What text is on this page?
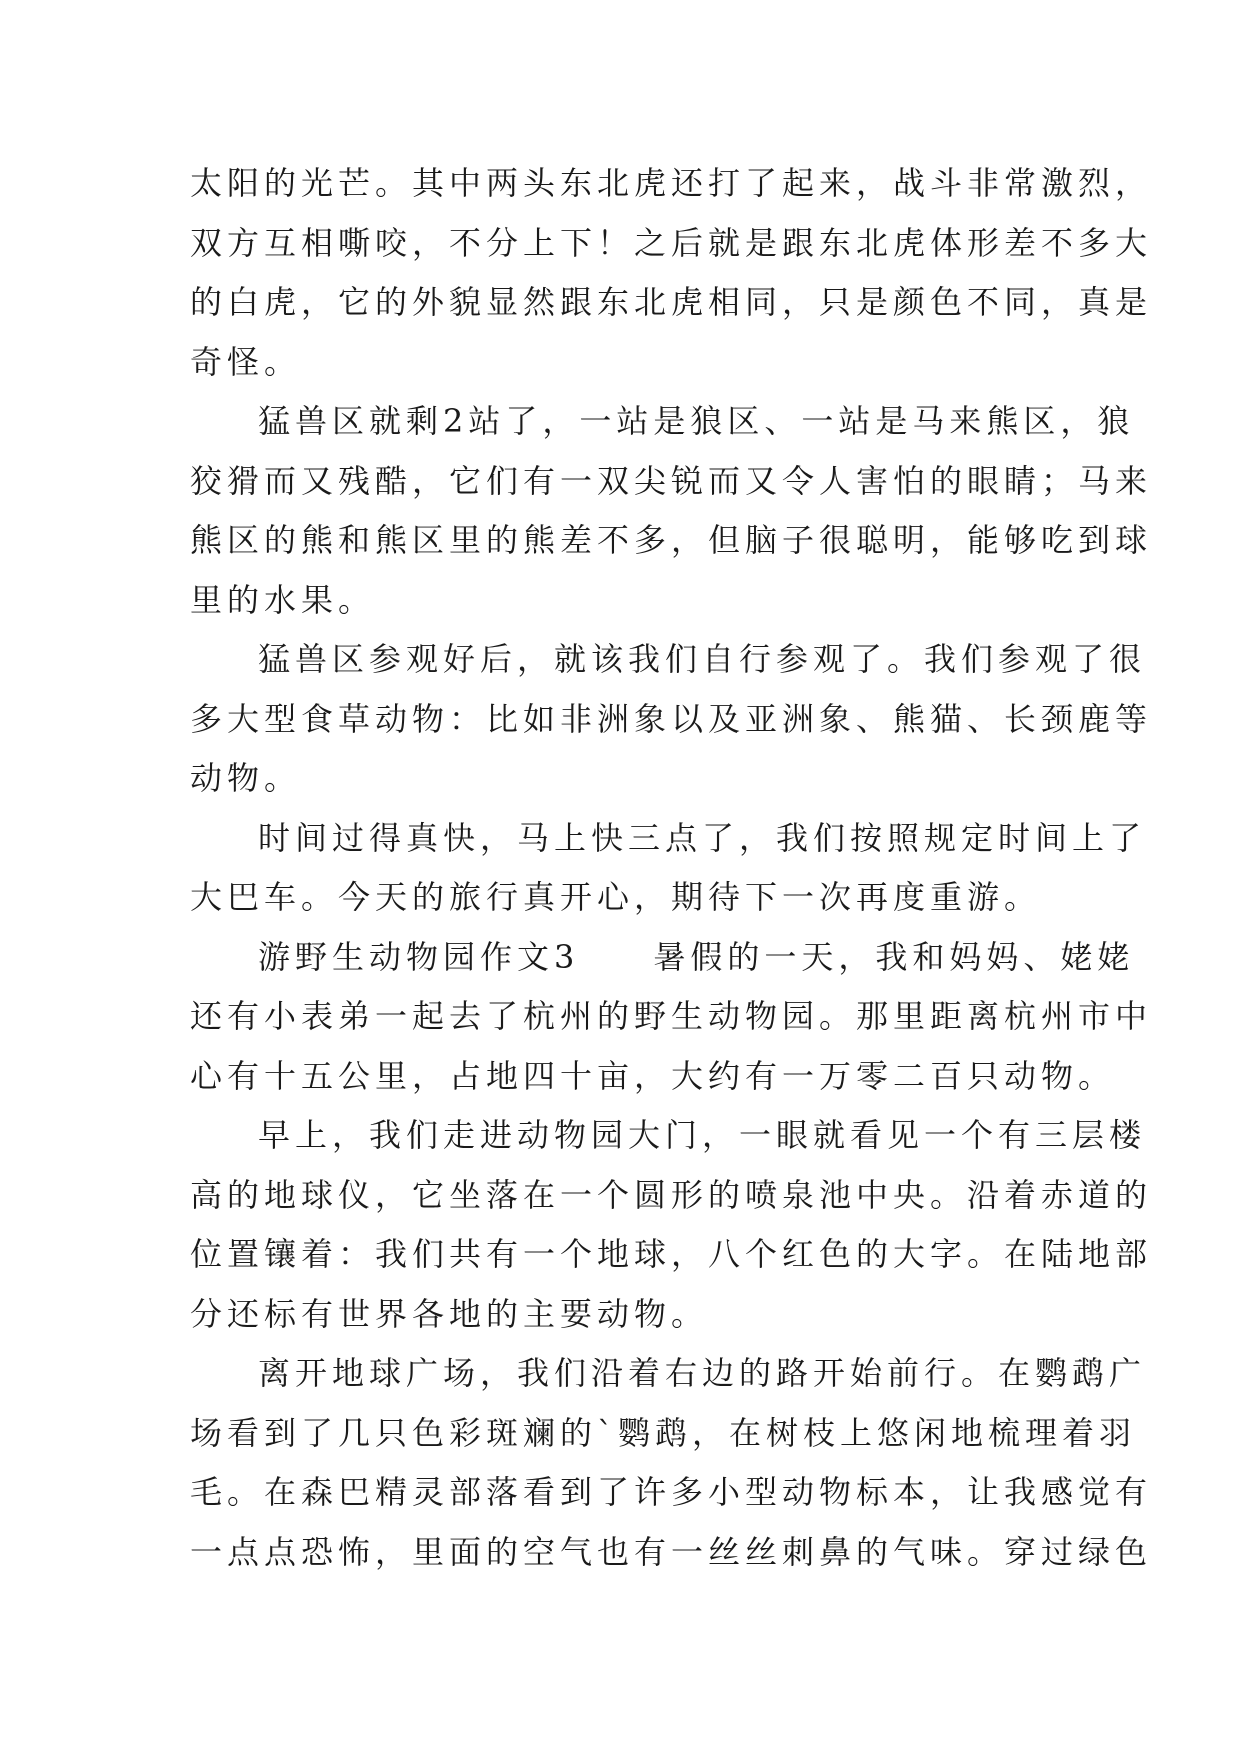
太阳的光芒。其中两头东北虎还打了起来，战斗非常激烈，
双方互相嘶咬，不分上下！之后就是跟东北虎体形差不多大
的白虎，它的外貌显然跟东北虎相同，只是颜色不同，真是
奇怪。
猛兽区就剩2站了，一站是狼区、一站是马来熊区，狼
狡猾而又残酷，它们有一双尖锐而又令人害怕的眼睛；马来
熊区的熊和熊区里的熊差不多，但脑子很聪明，能够吃到球
里的水果。
猛兽区参观好后，就该我们自行参观了。我们参观了很
多大型食草动物：比如非洲象以及亚洲象、熊猫、长颈鹿等
动物。
时间过得真快，马上快三点了，我们按照规定时间上了
大巴车。今天的旅行真开心，期待下一次再度重游。
游野生动物园作文3　　暑假的一天，我和妈妈、姥姥
还有小表弟一起去了杭州的野生动物园。那里距离杭州市中
心有十五公里，占地四十亩，大约有一万零二百只动物。
早上，我们走进动物园大门，一眼就看见一个有三层楼
高的地球仪，它坐落在一个圆形的喷泉池中央。沿着赤道的
位置镶着：我们共有一个地球，八个红色的大字。在陆地部
分还标有世界各地的主要动物。
离开地球广场，我们沿着右边的路开始前行。在鹦鹉广
场看到了几只色彩斑斓的`鹦鹉，在树枝上悠闲地梳理着羽
毛。在森巴精灵部落看到了许多小型动物标本，让我感觉有
一点点恐怖，里面的空气也有一丝丝刺鼻的气味。穿过绿色
